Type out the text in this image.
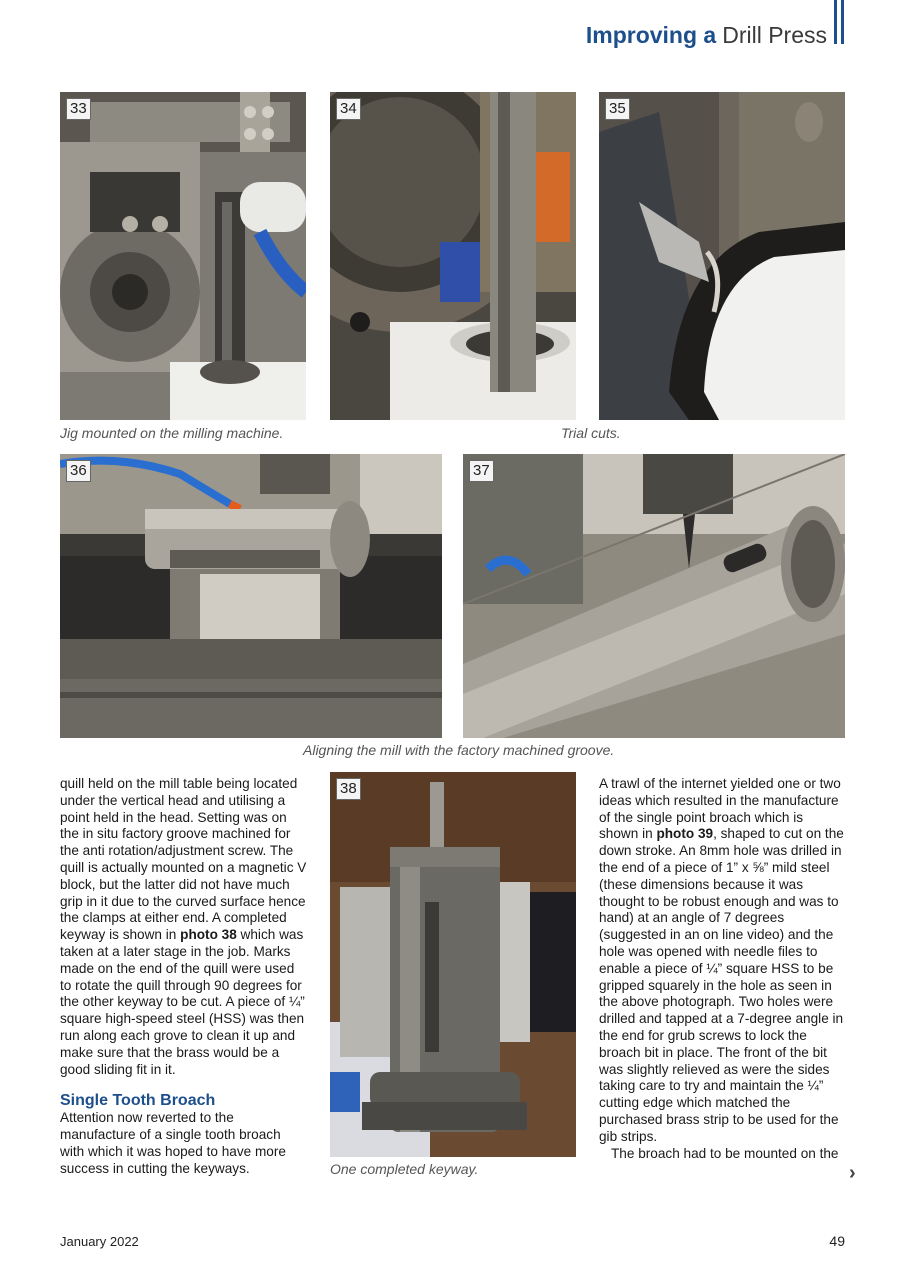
Improving a Drill Press
33	34	35
Jig mounted on the milling machine.	Trial cuts.
36	37
Aligning the mill with the factory machined groove.

quill held on the mill table being located under the vertical head and utilising a point held in the head. Setting was on the in situ factory groove machined for the anti rotation/adjustment screw. The quill is actually mounted on a magnetic V block, but the latter did not have much grip in it due to the curved surface hence the clamps at either end. A completed keyway is shown in photo 38 which was taken at a later stage in the job. Marks made on the end of the quill were used to rotate the quill through 90 degrees for the other keyway to be cut. A piece of ¼” square high-speed steel (HSS) was then run along each grove to clean it up and make sure that the brass would be a good sliding fit in it.

Single Tooth Broach

Attention now reverted to the manufacture of a single tooth broach with which it was hoped to have more success in cutting the keyways.

38
One completed keyway.

A trawl of the internet yielded one or two ideas which resulted in the manufacture of the single point broach which is shown in photo 39, shaped to cut on the down stroke. An 8mm hole was drilled in the end of a piece of 1” x ⅝” mild steel (these dimensions because it was thought to be robust enough and was to hand) at an angle of 7 degrees (suggested in an on line video) and the hole was opened with needle files to enable a piece of ¼” square HSS to be gripped squarely in the hole as seen in the above photograph. Two holes were drilled and tapped at a 7-degree angle in the end for grub screws to lock the broach bit in place. The front of the bit was slightly relieved as were the sides taking care to try and maintain the ¼” cutting edge which matched the purchased brass strip to be used for the gib strips.

The broach had to be mounted on the

›
January 2022	49
